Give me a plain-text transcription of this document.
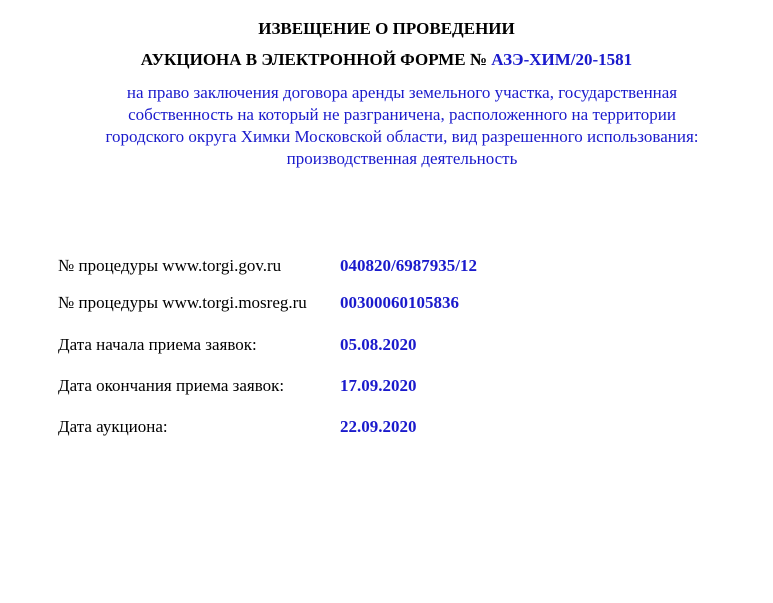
ИЗВЕЩЕНИЕ О ПРОВЕДЕНИИ
АУКЦИОНА В ЭЛЕКТРОННОЙ ФОРМЕ № АЗЭ-ХИМ/20-1581
на право заключения договора аренды земельного участка, государственная собственность на который не разграничена, расположенного на территории городского округа Химки Московской области, вид разрешенного использования: производственная деятельность
№ процедуры www.torgi.gov.ru	040820/6987935/12
№ процедуры www.torgi.mosreg.ru 00300060105836
Дата начала приема заявок:	05.08.2020
Дата окончания приема заявок:	17.09.2020
Дата аукциона:	22.09.2020
